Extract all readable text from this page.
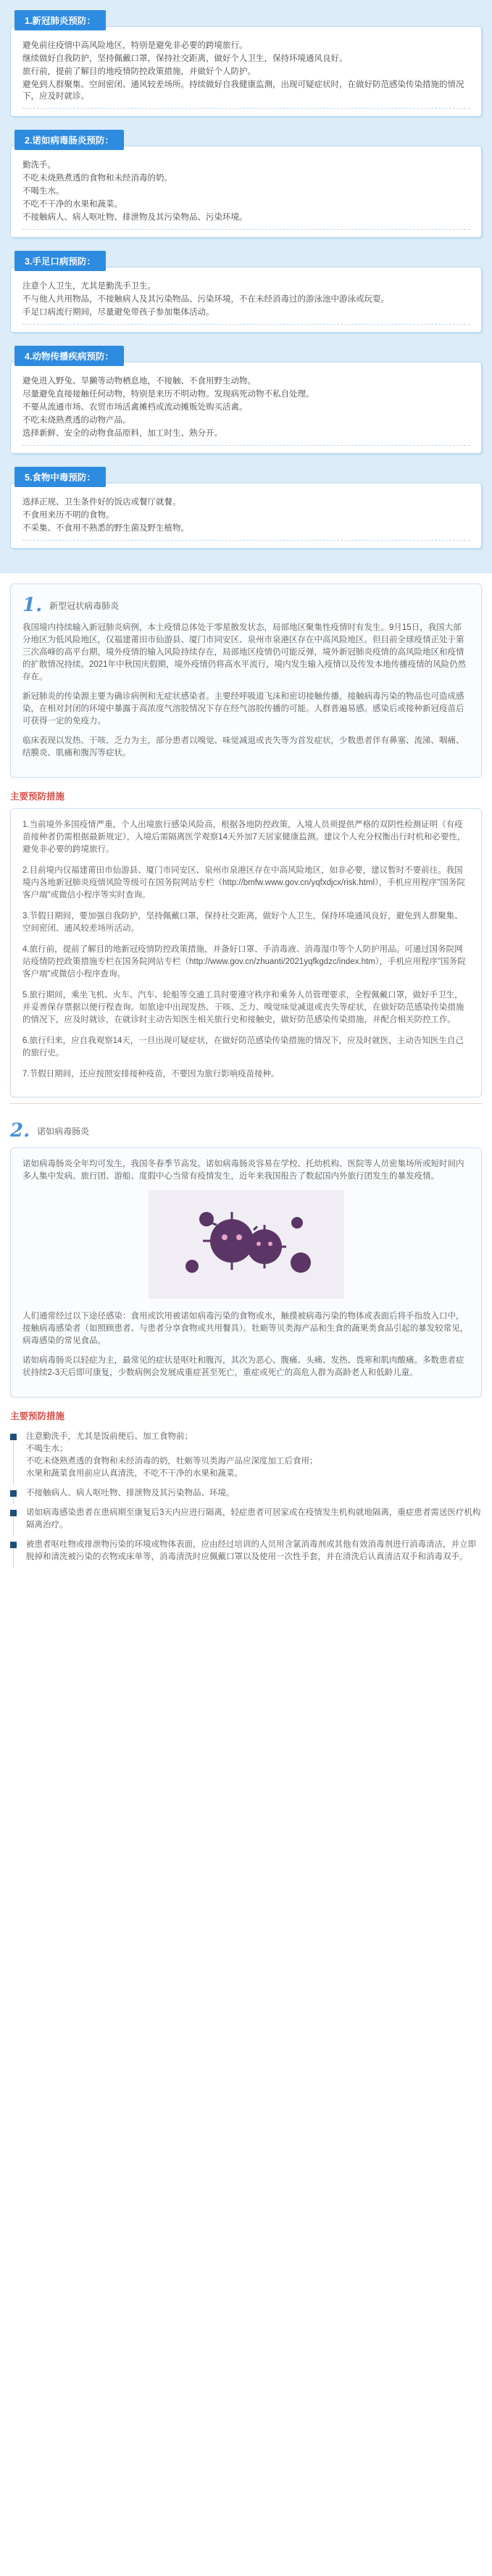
1.新冠肺炎预防：

避免前往疫情中高风险地区，特别是避免非必要的跨境旅行。

继续做好自我防护，坚持佩戴口罩，保持社交距离，做好个人卫生，保持环境通风良好。

旅行前，提前了解目的地疫情防控政策措施，并做好个人防护。

避免到人群聚集、空间密闭、通风较差场所。持续做好自我健康监测，出现可疑症状时，在做好防范感染传染措施的情况下，应及时就诊。

2.诺如病毒肠炎预防：

勤洗手。

不吃未烧熟煮透的食物和未经消毒的奶。

不喝生水。

不吃不干净的水果和蔬菜。

不接触病人、病人呕吐物、排泄物及其污染物品、污染环境。

3.手足口病预防：

注意个人卫生，尤其是勤洗手卫生。

不与他人共用物品，不接触病人及其污染物品、污染环境，不在未经消毒过的游泳池中游泳或玩耍。

手足口病流行期间，尽量避免带孩子参加集体活动。

4.动物传播疾病预防：

避免进入野兔、旱獭等动物栖息地，不接触、不食用野生动物。

尽量避免直接接触任何动物，特别是来历不明动物。发现病死动物不私自处理。

不要从流通市场、农贸市场活禽摊档或流动摊贩处购买活禽。

不吃未烧熟煮透的动物产品。

选择新鲜、安全的动物食品原料，加工时生、熟分开。

5.食物中毒预防：

选择正规、卫生条件好的饭店或餐厅就餐。

不食用来历不明的食物。

不采集、不食用不熟悉的野生菌及野生植物。

1. 新型冠状病毒肺炎

我国境内持续输入新冠肺炎病例，本土疫情总体处于零星散发状态，局部地区聚集性疫情时有发生。9月15日，我国大部分地区为低风险地区，仅福建莆田市仙游县、厦门市同安区、泉州市泉港区存在中高风险地区。但目前全球疫情正处于第三次高峰的高平台期，境外疫情的输入风险持续存在，局部地区疫情仍可能反弹，境外新冠肺炎疫情的高风险地区和疫情的扩散情况持续。2021年中秋国庆假期，境外疫情仍将高水平流行，境内发生输入疫情以及传发本地传播疫情的风险仍然存在。

新冠肺炎的传染源主要为确诊病例和无症状感染者。主要经呼吸道飞沫和密切接触传播，接触病毒污染的物品也可造成感染，在相对封闭的环境中暴露于高浓度气溶胶情况下存在经气溶胶传播的可能。人群普遍易感。感染后或接种新冠疫苗后可获得一定的免疫力。

临床表现以发热、干咳、乏力为主，部分患者以嗅觉、味觉减退或丧失等为首发症状，少数患者伴有鼻塞、流涕、咽痛、结膜炎、肌痛和腹泻等症状。

主要预防措施

1.当前境外多国疫情严重，个人出境旅行感染风险高，根据各地防控政策，入境人员须提供严格的双阴性检测证明（有疫苗接种者仍需根据最新规定），入境后需隔离医学观察14天外加7天居家健康监测。建议个人充分权衡出行时机和必要性，避免非必要的跨境旅行。

2.目前境内仅福建莆田市仙游县、厦门市同安区、泉州市泉港区存在中高风险地区，如非必要，建议暂时不要前往。我国境内各地新冠肺炎疫情风险等级可在国务院网站专栏（http://bmfw.www.gov.cn/yqfxdjcx/risk.html），手机应用程序"国务院客户端"或微信小程序等实时查询。

3.节假日期间，要加强自我防护，坚持佩戴口罩，保持社交距离，做好个人卫生，保持环境通风良好，避免到人群聚集、空间密闭、通风较差场所活动。

4.旅行前，提前了解目的地新冠疫情防控政策措施，并备好口罩、手消毒液、消毒湿巾等个人防护用品。可通过国务院网站疫情防控政策措施专栏在国务院网站专栏（http://www.gov.cn/zhuanti/2021yqfkgdzc/index.htm），手机应用程序"国务院客户端"或微信小程序查询。

5.旅行期间，乘坐飞机、火车、汽车、轮船等交通工具时要遵守秩序和乘务人员管理要求，全程佩戴口罩，做好手卫生，并妥善保存票据以便行程查询。如旅途中出现发热、干咳、乏力、嗅觉味觉减退或丧失等症状，在做好防范感染传染措施的情况下，应及时就诊，在就诊时主动告知医生相关旅行史和接触史，做好防范感染传染措施，并配合相关防控工作。

6.旅行归来，应自我观察14天，一旦出现可疑症状，在做好防范感染传染措施的情况下，应及时就医，主动告知医生自己的旅行史。

7.节假日期间，还应按照安排接种疫苗，不要因为旅行影响疫苗接种。

2. 诺如病毒肠炎

诺如病毒肠炎全年均可发生，我国冬春季节高发。诺如病毒肠炎容易在学校、托幼机构、医院等人员密集场所或短时间内多人集中发病。旅行团、游船、度假中心当常有疫情发生，近年来我国报告了数起国内外旅行团发生的暴发疫情。

人们通常经过以下途径感染：食用或饮用被诺如病毒污染的食物或水，触摸被病毒污染的物体或表面后将手指放入口中，接触病毒感染者（如照顾患者、与患者分享食物或共用餐具）。牡蛎等贝类海产品和生食的蔬果类食品引起的暴发较常见，病毒感染的常见食品。

诺如病毒肠炎以轻症为主，最常见的症状是呕吐和腹泻，其次为恶心、腹痛、头痛、发热、畏寒和肌肉酸痛。多数患者症状持续2-3天后即可康复，少数病例会发展成重症甚至死亡，重症或死亡的高危人群为高龄老人和低龄儿童。

主要预防措施

注意勤洗手，尤其是饭前便后、加工食物前；
不喝生水；
不吃未烧熟煮透的食物和未经消毒的奶，牡蛎等贝类海产品应深度加工后食用；
水果和蔬菜食用前应认真清洗，不吃不干净的水果和蔬菜。

不接触病人、病人呕吐物、排泄物及其污染物品、环境。

诺如病毒感染患者在患病期至康复后3天内应进行隔离，轻症患者可居家或在疫情发生机构就地隔离，重症患者需送医疗机构隔离治疗。

被患者呕吐物或排泄物污染的环境或物体表面，应由经过培训的人员用含氯消毒剂或其他有效消毒剂进行消毒清洁，并立即脱掉和清洗被污染的衣物或床单等，消毒清洗时应佩戴口罩以及使用一次性手套，并在清洗后认真清洁双手和消毒双手。
